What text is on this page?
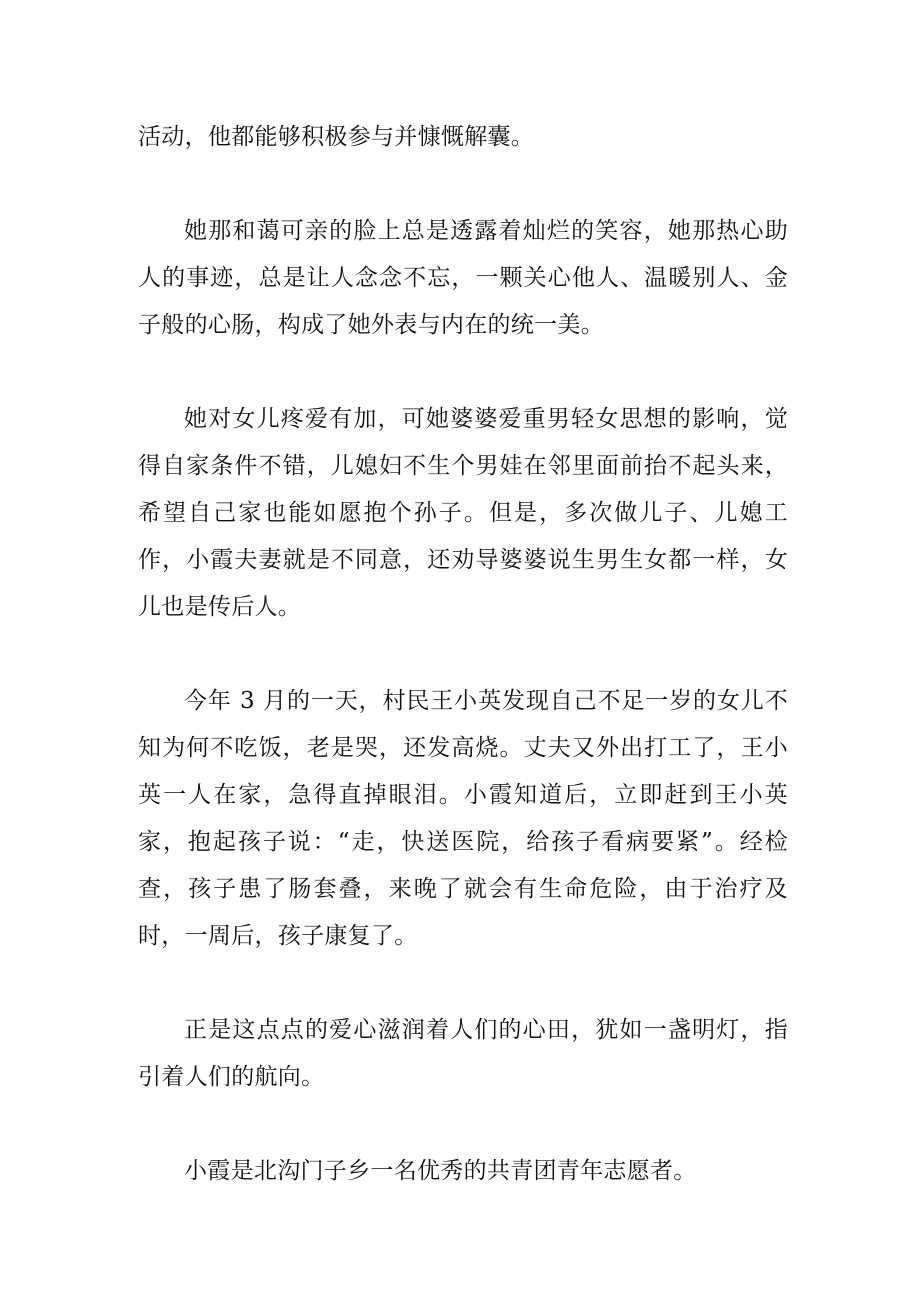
活动，他都能够积极参与并慷慨解囊。

她那和蔼可亲的脸上总是透露着灿烂的笑容，她那热心助人的事迹，总是让人念念不忘，一颗关心他人、温暖别人、金子般的心肠，构成了她外表与内在的统一美。

她对女儿疼爱有加，可她婆婆爱重男轻女思想的影响，觉得自家条件不错，儿媳妇不生个男娃在邻里面前抬不起头来，希望自己家也能如愿抱个孙子。但是，多次做儿子、儿媳工作，小霞夫妻就是不同意，还劝导婆婆说生男生女都一样，女儿也是传后人。

今年 3 月的一天，村民王小英发现自己不足一岁的女儿不知为何不吃饭，老是哭，还发高烧。丈夫又外出打工了，王小英一人在家，急得直掉眼泪。小霞知道后，立即赶到王小英家，抱起孩子说：“走，快送医院，给孩子看病要紧”。经检查，孩子患了肠套叠，来晚了就会有生命危险，由于治疗及时，一周后，孩子康复了。

正是这点点的爱心滋润着人们的心田，犹如一盏明灯，指引着人们的航向。

小霞是北沟门子乡一名优秀的共青团青年志愿者。
